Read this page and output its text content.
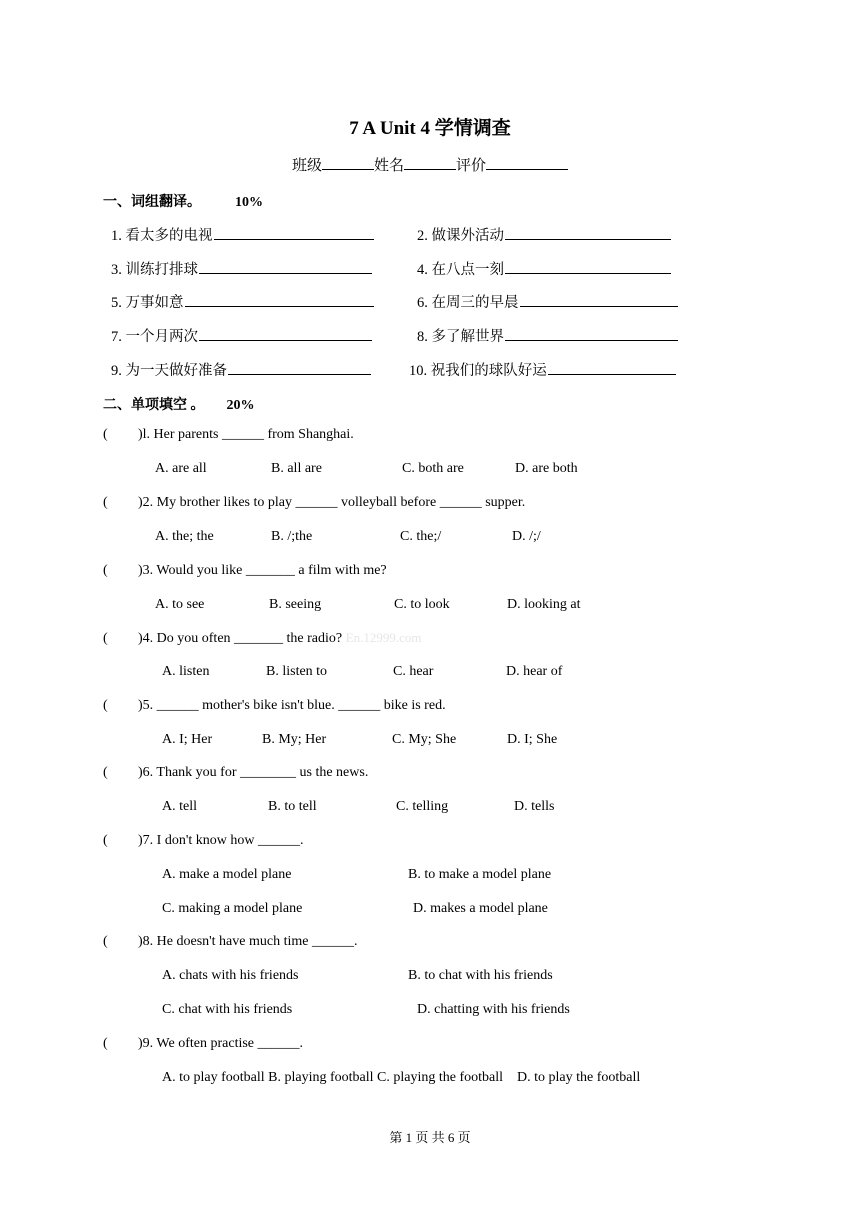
7 A Unit 4 学情调查
班级	姓名	评价
一、词组翻译。 10%
1. 看太多的电视	2. 做课外活动
3. 训练打排球	4. 在八点一刻
5. 万事如意	6. 在周三的早晨
7. 一个月两次	8. 多了解世界
9. 为一天做好准备	10. 祝我们的球队好运
二、单项填空 。 20%
( )l. Her parents ______ from Shanghai.
A. are all	B. all are	C. both are	D. are both
( )2. My brother likes to play ______ volleyball before ______ supper.
A. the; the	B. /;the	C. the;/	D. /;/
( )3. Would you like _______ a film with me?
A. to see	B. seeing	C. to look	D. looking at
( )4. Do you often _______ the radio? En.12999.com
A. listen	B. listen to	C. hear	D. hear of
( )5. ______ mother's bike isn't blue. ______ bike is red.
A. I; Her	B. My; Her	C. My; She	D. I; She
( )6. Thank you for ________ us the news.
A. tell	B. to tell	C. telling	D. tells
( )7. I don't know how ______.
A. make a model plane	B. to make a model plane
C. making a model plane	D. makes a model plane
( )8. He doesn't have much time ______.
A. chats with his friends	B. to chat with his friends
C. chat with his friends	D. chatting with his friends
( )9. We often practise ______.
A. to play football B. playing football C. playing the football    D. to play the football
第 1 页 共 6 页
